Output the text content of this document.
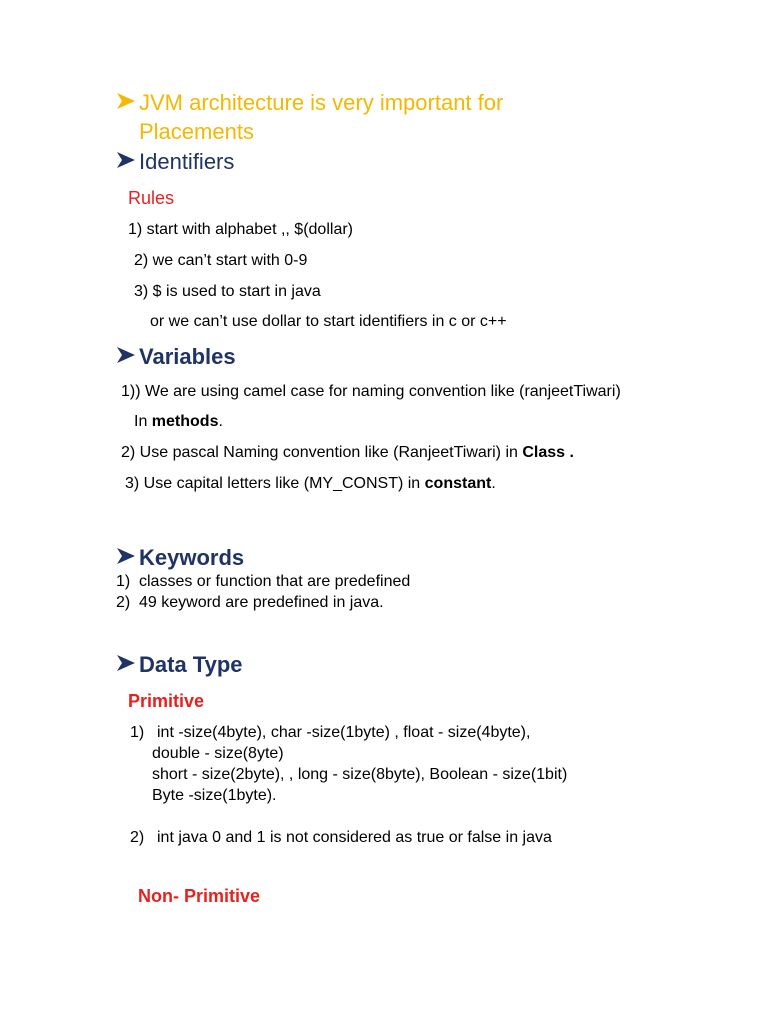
JVM architecture is very important for
Placements
Identifiers
Rules
1) start with alphabet ,, $(dollar)
2) we can’t start with 0-9
3) $ is used to start in java
or we can’t use dollar to start identifiers in c or c++
Variables
1)) We are using camel case for naming convention like (ranjeetTiwari)
In methods.
2) Use pascal Naming convention like (RanjeetTiwari) in Class .
3) Use capital letters like (MY_CONST) in constant.
Keywords
1) classes or function that are predefined
2) 49 keyword are predefined in java.
Data Type
Primitive
1) int -size(4byte), char -size(1byte) , float - size(4byte),
double - size(8yte)
short - size(2byte), , long - size(8byte), Boolean - size(1bit)
Byte -size(1byte).
2) int java 0 and 1 is not considered as true or false in java
Non- Primitive
